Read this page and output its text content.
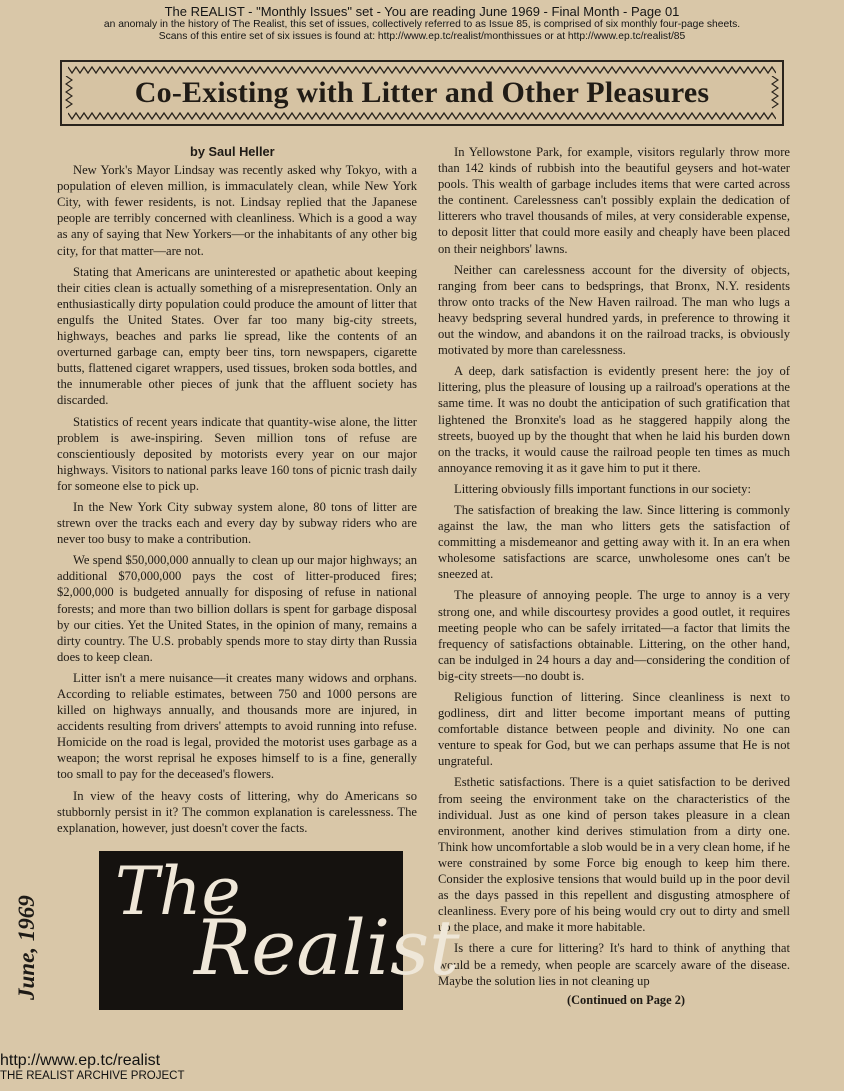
The REALIST - "Monthly Issues" set - You are reading June 1969 - Final Month - Page 01
an anomaly in the history of The Realist, this set of issues, collectively referred to as Issue 85, is comprised of six monthly four-page sheets.
Scans of this entire set of six issues is found at: http://www.ep.tc/realist/monthissues or at http://www.ep.tc/realist/85
Co-Existing with Litter and Other Pleasures
by Saul Heller

New York's Mayor Lindsay was recently asked why Tokyo, with a population of eleven million, is immaculately clean, while New York City, with fewer residents, is not. Lindsay replied that the Japanese people are terribly concerned with cleanliness. Which is a good a way as any of saying that New Yorkers—or the inhabitants of any other big city, for that matter—are not.

Stating that Americans are uninterested or apathetic about keeping their cities clean is actually something of a misrepresentation. Only an enthusiastically dirty population could produce the amount of litter that engulfs the United States. Over far too many big-city streets, highways, beaches and parks lie spread, like the contents of an overturned garbage can, empty beer tins, torn newspapers, cigarette butts, flattened cigaret wrappers, used tissues, broken soda bottles, and the innumerable other pieces of junk that the affluent society has discarded.

Statistics of recent years indicate that quantity-wise alone, the litter problem is awe-inspiring. Seven million tons of refuse are conscientiously deposited by motorists every year on our major highways. Visitors to national parks leave 160 tons of picnic trash daily for someone else to pick up.

In the New York City subway system alone, 80 tons of litter are strewn over the tracks each and every day by subway riders who are never too busy to make a contribution.

We spend $50,000,000 annually to clean up our major highways; an additional $70,000,000 pays the cost of litter-produced fires; $2,000,000 is budgeted annually for disposing of refuse in national forests; and more than two billion dollars is spent for garbage disposal by our cities. Yet the United States, in the opinion of many, remains a dirty country. The U.S. probably spends more to stay dirty than Russia does to keep clean.

Litter isn't a mere nuisance—it creates many widows and orphans. According to reliable estimates, between 750 and 1000 persons are killed on highways annually, and thousands more are injured, in accidents resulting from drivers' attempts to avoid running into refuse. Homicide on the road is legal, provided the motorist uses garbage as a weapon; the worst reprisal he exposes himself to is a fine, generally too small to pay for the deceased's flowers.

In view of the heavy costs of littering, why do Americans so stubbornly persist in it? The common explanation is carelessness. The explanation, however, just doesn't cover the facts.

In Yellowstone Park, for example, visitors regularly throw more than 142 kinds of rubbish into the beautiful geysers and hot-water pools. This wealth of garbage includes items that were carted across the continent. Carelessness can't possibly explain the dedication of litterers who travel thousands of miles, at very considerable expense, to deposit litter that could more easily and cheaply have been placed on their neighbors' lawns.

Neither can carelessness account for the diversity of objects, ranging from beer cans to bedsprings, that Bronx, N.Y. residents throw onto tracks of the New Haven railroad. The man who lugs a heavy bedspring several hundred yards, in preference to throwing it out the window, and abandons it on the railroad tracks, is obviously motivated by more than carelessness.

A deep, dark satisfaction is evidently present here: the joy of littering, plus the pleasure of lousing up a railroad's operations at the same time. It was no doubt the anticipation of such gratification that lightened the Bronxite's load as he staggered happily along the streets, buoyed up by the thought that when he laid his burden down on the tracks, it would cause the railroad people ten times as much annoyance removing it as it gave him to put it there.

Littering obviously fills important functions in our society:

The satisfaction of breaking the law. Since littering is commonly against the law, the man who litters gets the satisfaction of committing a misdemeanor and getting away with it. In an era when wholesome satisfactions are scarce, unwholesome ones can't be sneezed at.

The pleasure of annoying people. The urge to annoy is a very strong one, and while discourtesy provides a good outlet, it requires meeting people who can be safely irritated—a factor that limits the frequency of satisfactions obtainable. Littering, on the other hand, can be indulged in 24 hours a day and—considering the condition of big-city streets—no doubt is.

Religious function of littering. Since cleanliness is next to godliness, dirt and litter become important means of putting comfortable distance between people and divinity. No one can venture to speak for God, but we can perhaps assume that He is not ungrateful.

Esthetic satisfactions. There is a quiet satisfaction to be derived from seeing the environment take on the characteristics of the individual. Just as one kind of person takes pleasure in a clean environment, another kind derives stimulation from a dirty one. Think how uncomfortable a slob would be in a very clean home, if he were constrained by some Force big enough to keep him there. Consider the explosive tensions that would build up in the poor devil as the days passed in this repellent and disgusting atmosphere of cleanliness. Every pore of his being would cry out to dirty and smell up the place, and make it more habitable.

Is there a cure for littering? It's hard to think of anything that would be a remedy, when people are scarcely aware of the disease. Maybe the solution lies in not cleaning up

(Continued on Page 2)
June, 1969
The
Realist
http://www.ep.tc/realist
THE REALIST ARCHIVE PROJECT
